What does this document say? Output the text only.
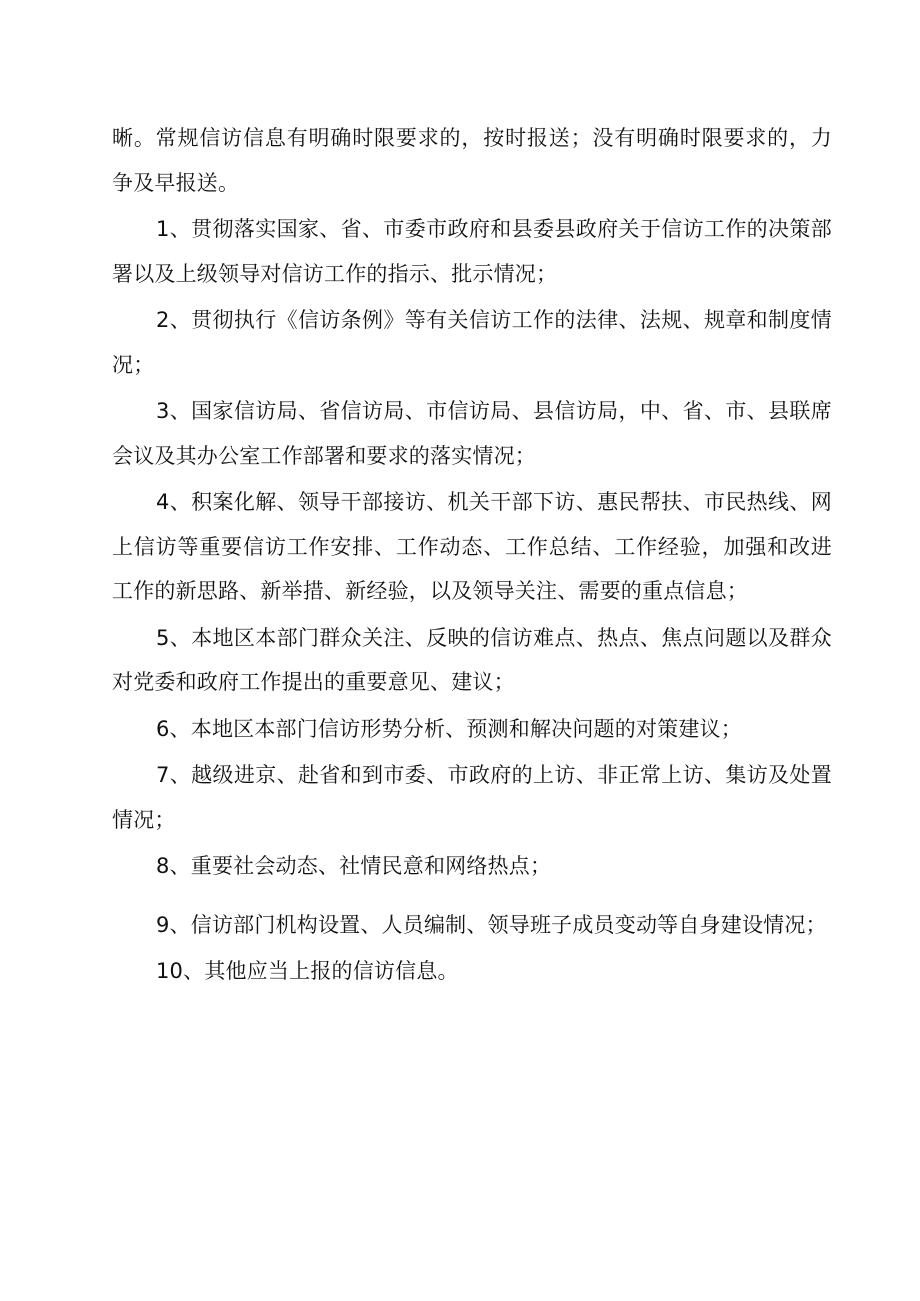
晰。常规信访信息有明确时限要求的，按时报送；没有明确时限要求的，力争及早报送。

1、贯彻落实国家、省、市委市政府和县委县政府关于信访工作的决策部署以及上级领导对信访工作的指示、批示情况；

2、贯彻执行《信访条例》等有关信访工作的法律、法规、规章和制度情况；

3、国家信访局、省信访局、市信访局、县信访局，中、省、市、县联席会议及其办公室工作部署和要求的落实情况；

4、积案化解、领导干部接访、机关干部下访、惠民帮扶、市民热线、网上信访等重要信访工作安排、工作动态、工作总结、工作经验，加强和改进工作的新思路、新举措、新经验，以及领导关注、需要的重点信息；

5、本地区本部门群众关注、反映的信访难点、热点、焦点问题以及群众对党委和政府工作提出的重要意见、建议；

6、本地区本部门信访形势分析、预测和解决问题的对策建议；

7、越级进京、赴省和到市委、市政府的上访、非正常上访、集访及处置情况；

8、重要社会动态、社情民意和网络热点；

9、信访部门机构设置、人员编制、领导班子成员变动等自身建设情况；

10、其他应当上报的信访信息。
